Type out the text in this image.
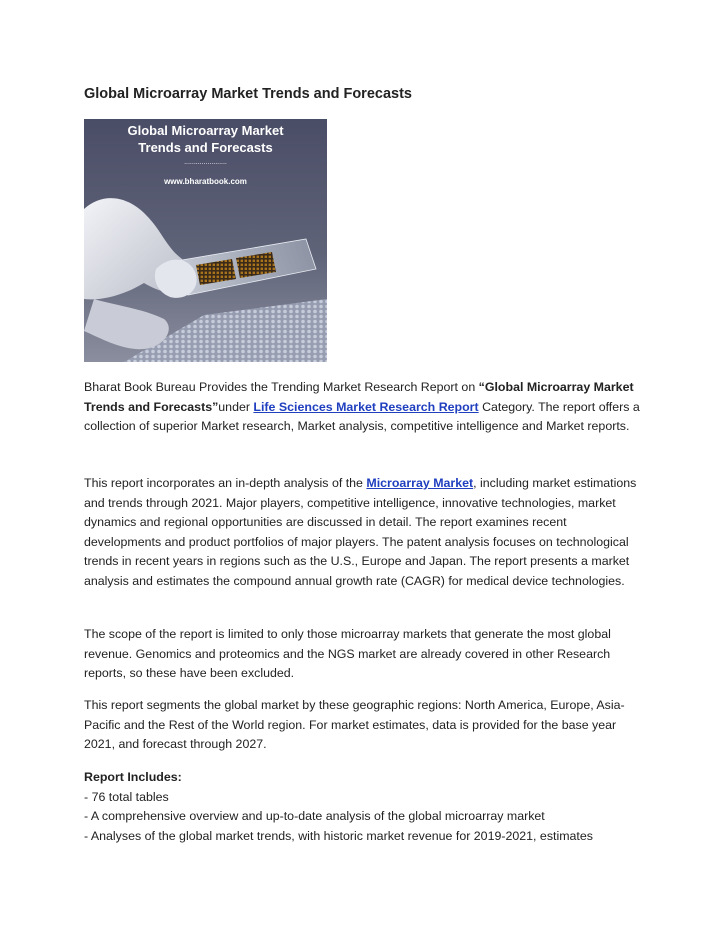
Global Microarray Market Trends and Forecasts
Global Microarray Market
Trends and Forecasts
......................
www.bharatbook.com

Bharat Book Bureau Provides the Trending Market Research Report on “Global Microarray Market Trends and Forecasts”under Life Sciences Market Research Report Category. The report offers a collection of superior Market research, Market analysis, competitive intelligence and Market reports.

This report incorporates an in-depth analysis of the Microarray Market, including market estimations and trends through 2021. Major players, competitive intelligence, innovative technologies, market dynamics and regional opportunities are discussed in detail. The report examines recent developments and product portfolios of major players. The patent analysis focuses on technological trends in recent years in regions such as the U.S., Europe and Japan. The report presents a market analysis and estimates the compound annual growth rate (CAGR) for medical device technologies.

The scope of the report is limited to only those microarray markets that generate the most global revenue. Genomics and proteomics and the NGS market are already covered in other Research reports, so these have been excluded.

This report segments the global market by these geographic regions: North America, Europe, Asia-Pacific and the Rest of the World region. For market estimates, data is provided for the base year 2021, and forecast through 2027.

Report Includes:

- 76 total tables

- A comprehensive overview and up-to-date analysis of the global microarray market

- Analyses of the global market trends, with historic market revenue for 2019-2021, estimates
